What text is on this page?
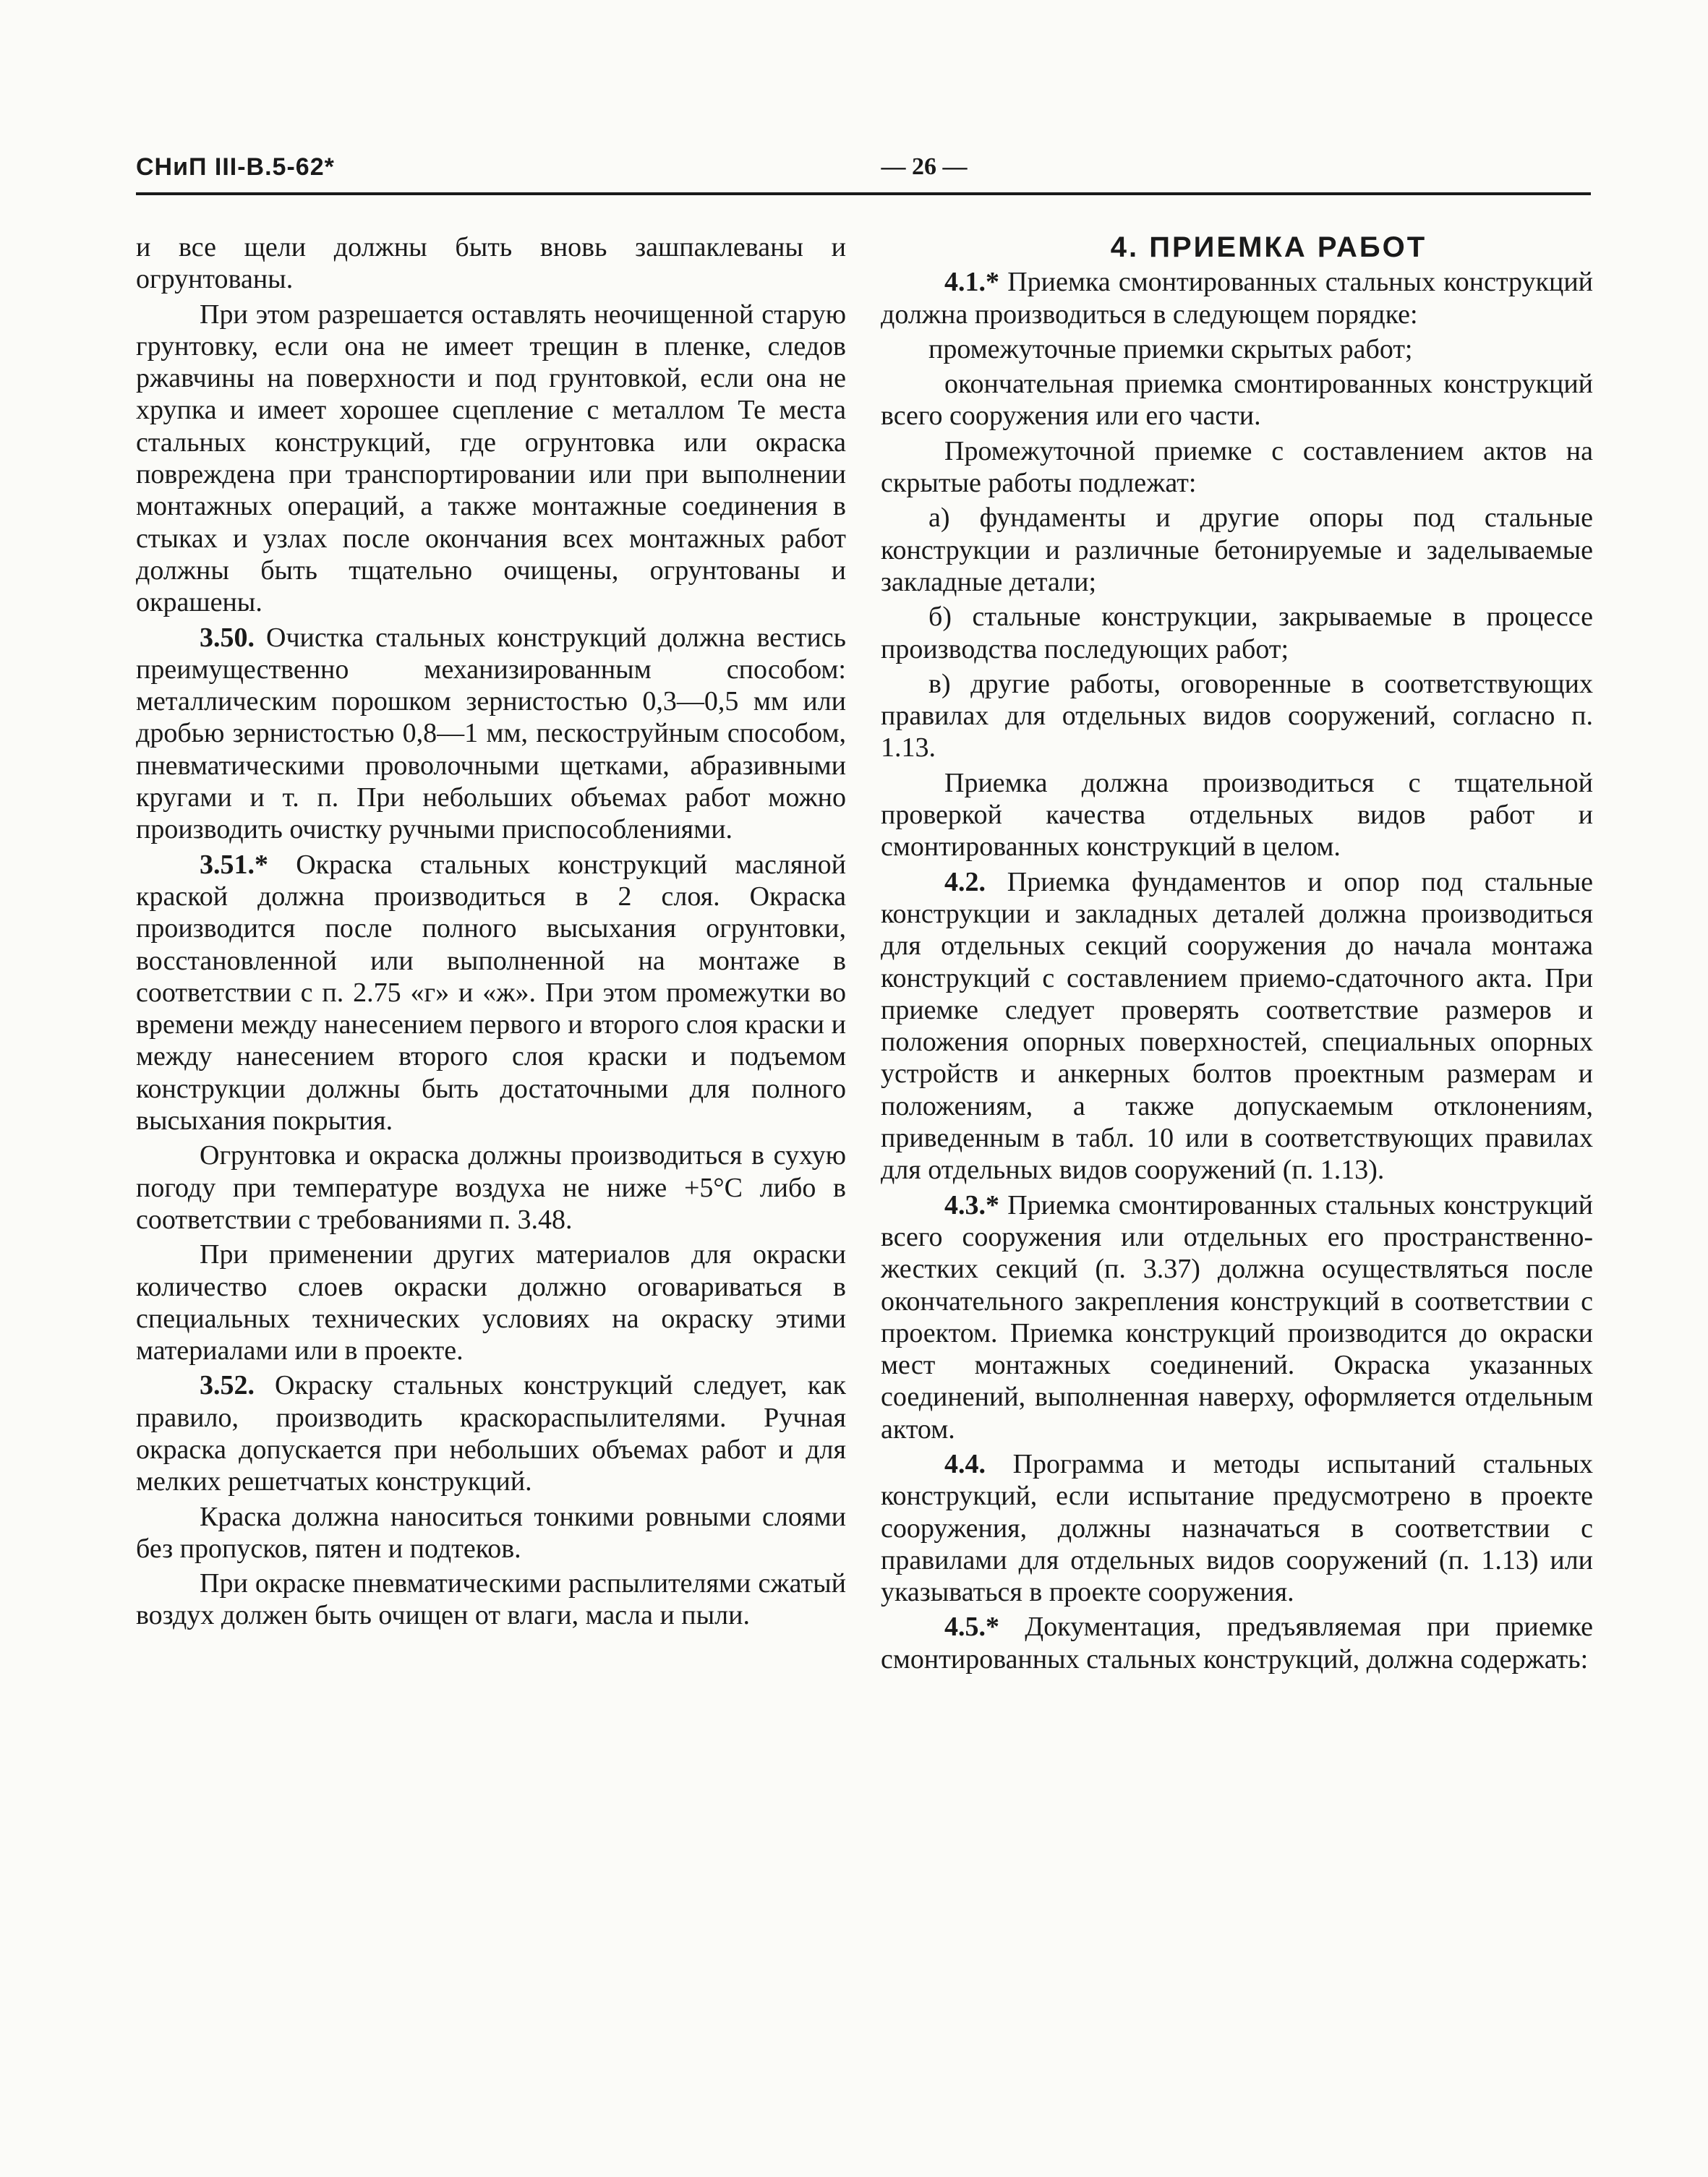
СНиП III-В.5-62*	— 26 —

и все щели должны быть вновь зашпаклеваны и огрунтованы.

При этом разрешается оставлять неочищенной старую грунтовку, если она не имеет трещин в пленке, следов ржавчины на поверхности и под грунтовкой, если она не хрупка и имеет хорошее сцепление с металлом Те места стальных конструкций, где огрунтовка или окраска повреждена при транспортировании или при выполнении монтажных операций, а также монтажные соединения в стыках и узлах после окончания всех монтажных работ должны быть тщательно очищены, огрунтованы и окрашены.

3.50. Очистка стальных конструкций должна вестись преимущественно механизированным способом: металлическим порошком зернистостью 0,3—0,5 мм или дробью зернистостью 0,8—1 мм, пескоструйным способом, пневматическими проволочными щетками, абразивными кругами и т. п. При небольших объемах работ можно производить очистку ручными приспособлениями.

3.51.* Окраска стальных конструкций масляной краской должна производиться в 2 слоя. Окраска производится после полного высыхания огрунтовки, восстановленной или выполненной на монтаже в соответствии с п. 2.75 «г» и «ж». При этом промежутки во времени между нанесением первого и второго слоя краски и между нанесением второго слоя краски и подъемом конструкции должны быть достаточными для полного высыхания покрытия.

Огрунтовка и окраска должны производиться в сухую погоду при температуре воздуха не ниже +5°С либо в соответствии с требованиями п. 3.48.

При применении других материалов для окраски количество слоев окраски должно оговариваться в специальных технических условиях на окраску этими материалами или в проекте.

3.52. Окраску стальных конструкций следует, как правило, производить краскораспылителями. Ручная окраска допускается при небольших объемах работ и для мелких решетчатых конструкций.

Краска должна наноситься тонкими ровными слоями без пропусков, пятен и подтеков.

При окраске пневматическими распылителями сжатый воздух должен быть очищен от влаги, масла и пыли.

4. ПРИЕМКА РАБОТ

4.1.* Приемка смонтированных стальных конструкций должна производиться в следующем порядке:

промежуточные приемки скрытых работ;

окончательная приемка смонтированных конструкций всего сооружения или его части.

Промежуточной приемке с составлением актов на скрытые работы подлежат:

а) фундаменты и другие опоры под стальные конструкции и различные бетонируемые и заделываемые закладные детали;

б) стальные конструкции, закрываемые в процессе производства последующих работ;

в) другие работы, оговоренные в соответствующих правилах для отдельных видов сооружений, согласно п. 1.13.

Приемка должна производиться с тщательной проверкой качества отдельных видов работ и смонтированных конструкций в целом.

4.2. Приемка фундаментов и опор под стальные конструкции и закладных деталей должна производиться для отдельных секций сооружения до начала монтажа конструкций с составлением приемо-сдаточного акта. При приемке следует проверять соответствие размеров и положения опорных поверхностей, специальных опорных устройств и анкерных болтов проектным размерам и положениям, а также допускаемым отклонениям, приведенным в табл. 10 или в соответствующих правилах для отдельных видов сооружений (п. 1.13).

4.3.* Приемка смонтированных стальных конструкций всего сооружения или отдельных его пространственно-жестких секций (п. 3.37) должна осуществляться после окончательного закрепления конструкций в соответствии с проектом. Приемка конструкций производится до окраски мест монтажных соединений. Окраска указанных соединений, выполненная наверху, оформляется отдельным актом.

4.4. Программа и методы испытаний стальных конструкций, если испытание предусмотрено в проекте сооружения, должны назначаться в соответствии с правилами для отдельных видов сооружений (п. 1.13) или указываться в проекте сооружения.

4.5.* Документация, предъявляемая при приемке смонтированных стальных конструкций, должна содержать:
